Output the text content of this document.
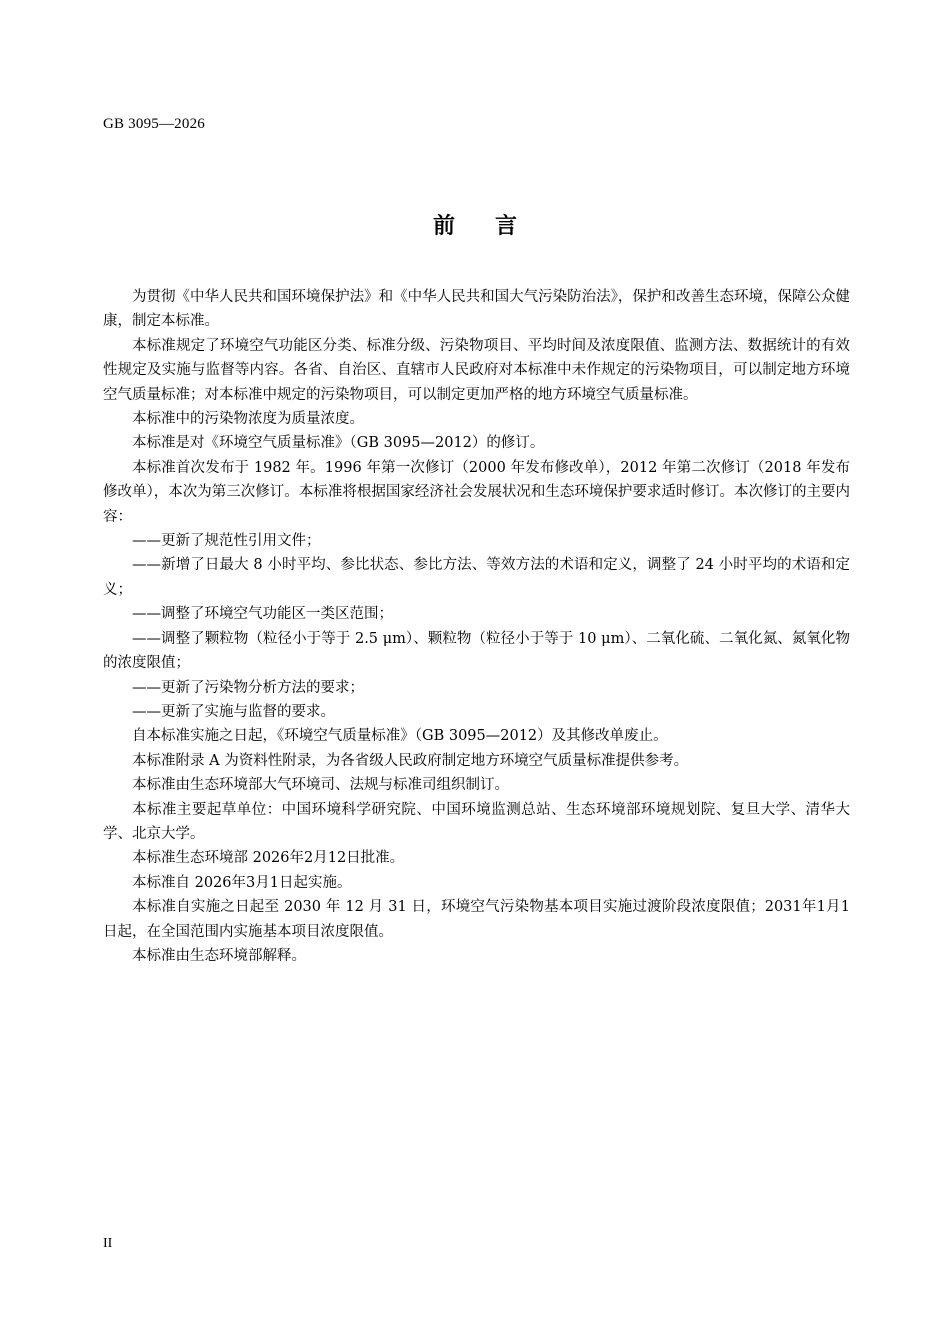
GB 3095—2026
前言

为贯彻《中华人民共和国环境保护法》和《中华人民共和国大气污染防治法》，保护和改善生态环境，保障公众健康，制定本标准。

本标准规定了环境空气功能区分类、标准分级、污染物项目、平均时间及浓度限值、监测方法、数据统计的有效性规定及实施与监督等内容。各省、自治区、直辖市人民政府对本标准中未作规定的污染物项目，可以制定地方环境空气质量标准；对本标准中规定的污染物项目，可以制定更加严格的地方环境空气质量标准。

本标准中的污染物浓度为质量浓度。

本标准是对《环境空气质量标准》（GB 3095—2012）的修订。

本标准首次发布于 1982 年。1996 年第一次修订（2000 年发布修改单），2012 年第二次修订（2018 年发布修改单），本次为第三次修订。本标准将根据国家经济社会发展状况和生态环境保护要求适时修订。本次修订的主要内容：

——更新了规范性引用文件；

——新增了日最大 8 小时平均、参比状态、参比方法、等效方法的术语和定义，调整了 24 小时平均的术语和定义；

——调整了环境空气功能区一类区范围；

——调整了颗粒物（粒径小于等于 2.5 μm）、颗粒物（粒径小于等于 10 μm）、二氧化硫、二氧化氮、氮氧化物的浓度限值；

——更新了污染物分析方法的要求；

——更新了实施与监督的要求。

自本标准实施之日起，《环境空气质量标准》（GB 3095—2012）及其修改单废止。

本标准附录 A 为资料性附录，为各省级人民政府制定地方环境空气质量标准提供参考。

本标准由生态环境部大气环境司、法规与标准司组织制订。

本标准主要起草单位：中国环境科学研究院、中国环境监测总站、生态环境部环境规划院、复旦大学、清华大学、北京大学。

本标准生态环境部 2026年2月12日批准。

本标准自 2026年3月1日起实施。

本标准自实施之日起至 2030 年 12 月 31 日，环境空气污染物基本项目实施过渡阶段浓度限值；2031年1月1日起，在全国范围内实施基本项目浓度限值。

本标准由生态环境部解释。

II
